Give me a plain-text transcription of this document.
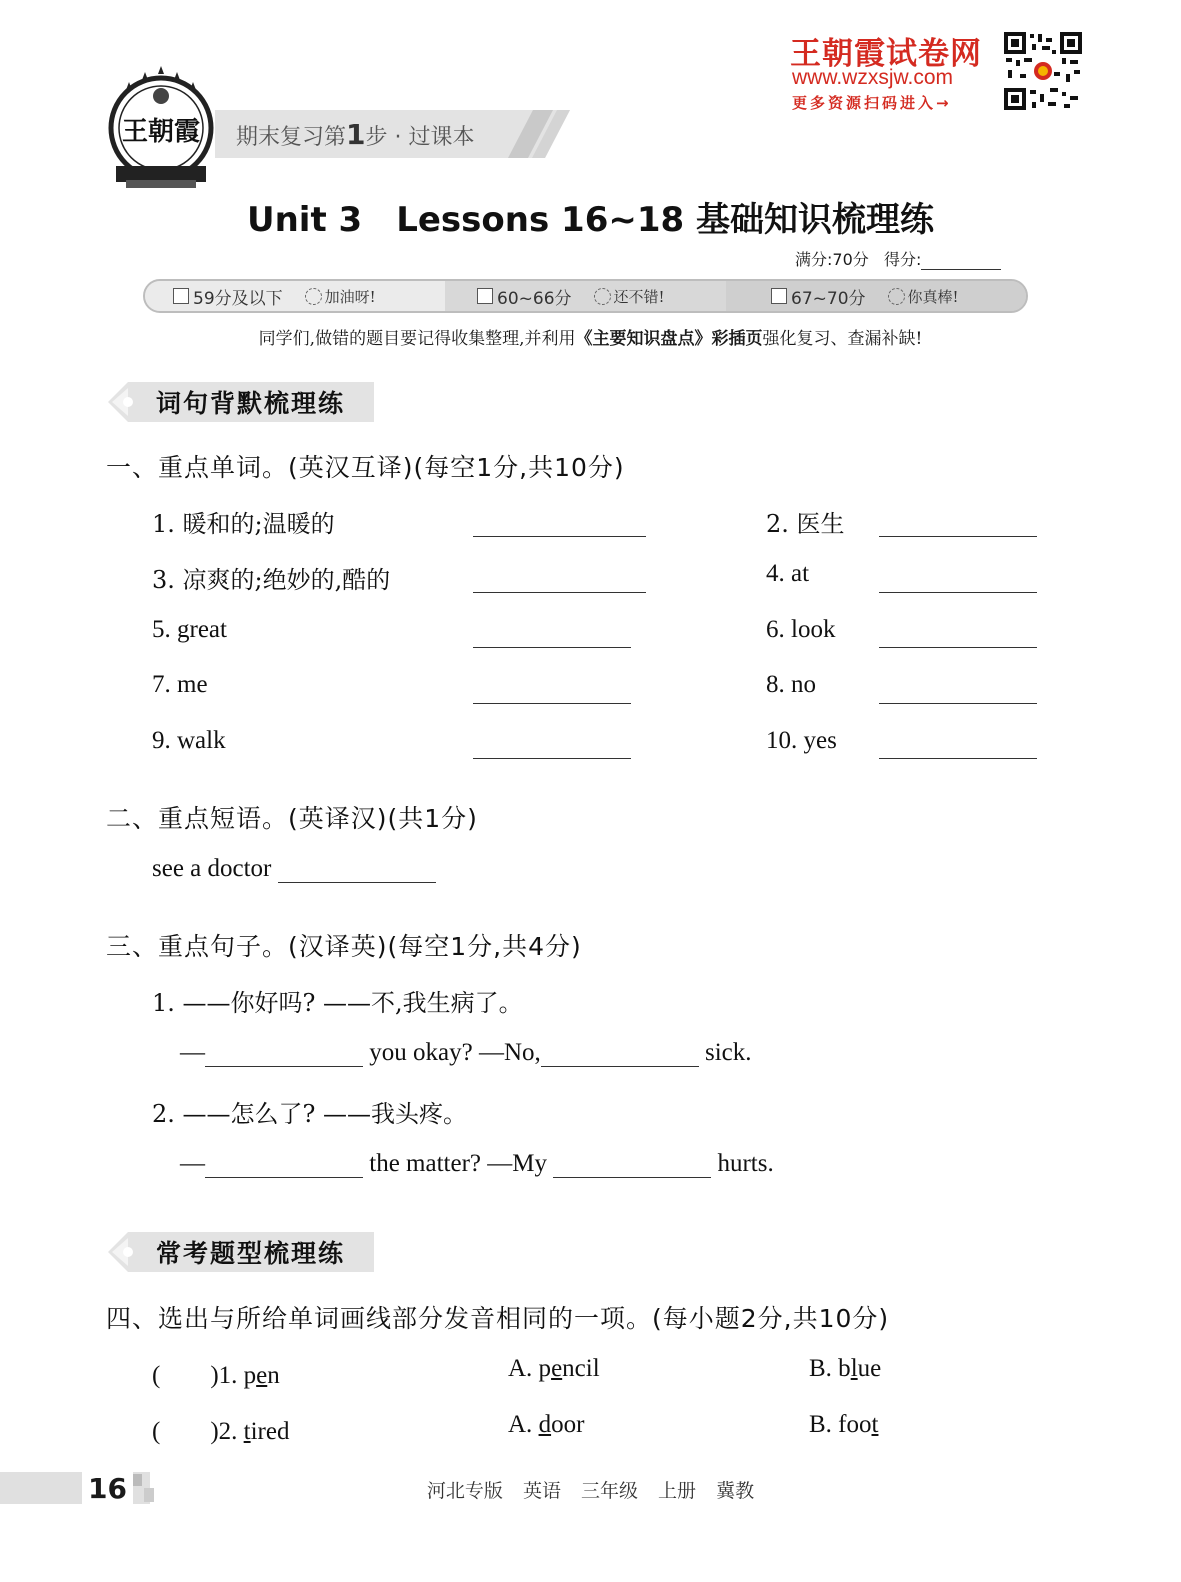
王朝霞试卷网
www.wzxsjw.com
更多资源扫码进入→
王朝霞 期末复习第1步 · 过课本
Unit 3　Lessons 16~18 基础知识梳理练
满分:70分 得分:
59分及以下	加油呀!	60~66分	还不错!	67~70分	你真棒!
同学们,做错的题目要记得收集整理,并利用《主要知识盘点》彩插页强化复习、查漏补缺!
词句背默梳理练
一、重点单词。(英汉互译)(每空1分,共10分)
1. 暖和的;温暖的	2. 医生
3. 凉爽的;绝妙的,酷的	4. at
5. great	6. look
7. me	8. no
9. walk	10. yes
二、重点短语。(英译汉)(共1分)
see a doctor
三、重点句子。(汉译英)(每空1分,共4分)
1. ——你好吗? ——不,我生病了。
—	you okay? —No,	sick.
2. ——怎么了? ——我头疼。
—	the matter? —My	hurts.
常考题型梳理练
四、选出与所给单词画线部分发音相同的一项。(每小题2分,共10分)
(　　)1. pen	A. pencil	B. blue
(　　)2. tired	A. door	B. foot
16	河北专版 英语 三年级 上册 冀教
